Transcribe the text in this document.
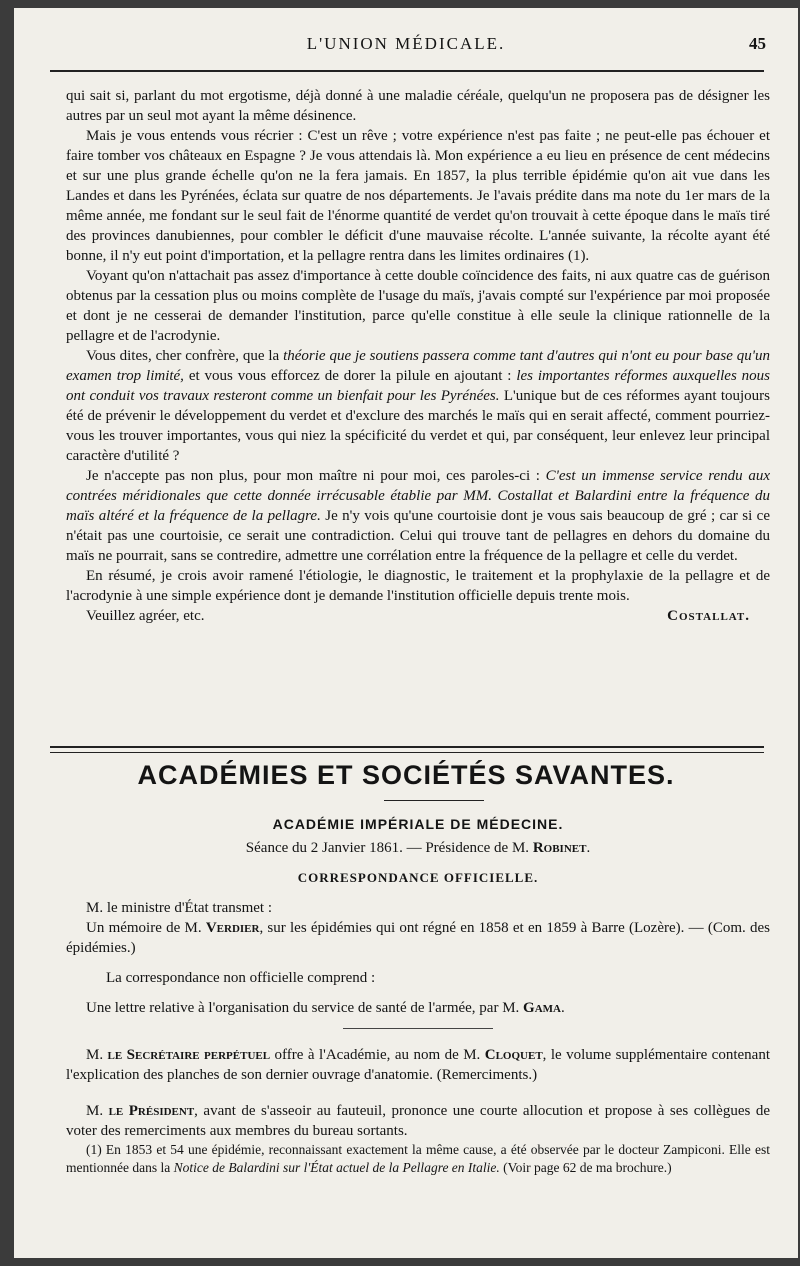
L'UNION MÉDICALE.	45

qui sait si, parlant du mot ergotisme, déjà donné à une maladie céréale, quelqu'un ne proposera pas de désigner les autres par un seul mot ayant la même désinence.

Mais je vous entends vous récrier : C'est un rêve ; votre expérience n'est pas faite ; ne peut-elle pas échouer et faire tomber vos châteaux en Espagne ? Je vous attendais là. Mon expérience a eu lieu en présence de cent médecins et sur une plus grande échelle qu'on ne la fera jamais. En 1857, la plus terrible épidémie qu'on ait vue dans les Landes et dans les Pyrénées, éclata sur quatre de nos départements. Je l'avais prédite dans ma note du 1er mars de la même année, me fondant sur le seul fait de l'énorme quantité de verdet qu'on trouvait à cette époque dans le maïs tiré des provinces danubiennes, pour combler le déficit d'une mauvaise récolte. L'année suivante, la récolte ayant été bonne, il n'y eut point d'importation, et la pellagre rentra dans les limites ordinaires (1).

Voyant qu'on n'attachait pas assez d'importance à cette double coïncidence des faits, ni aux quatre cas de guérison obtenus par la cessation plus ou moins complète de l'usage du maïs, j'avais compté sur l'expérience par moi proposée et dont je ne cesserai de demander l'institution, parce qu'elle constitue à elle seule la clinique rationnelle de la pellagre et de l'acrodynie.

Vous dites, cher confrère, que la théorie que je soutiens passera comme tant d'autres qui n'ont eu pour base qu'un examen trop limité, et vous vous efforcez de dorer la pilule en ajoutant : les importantes réformes auxquelles nous ont conduit vos travaux resteront comme un bienfait pour les Pyrénées. L'unique but de ces réformes ayant toujours été de prévenir le développement du verdet et d'exclure des marchés le maïs qui en serait affecté, comment pourriez-vous les trouver importantes, vous qui niez la spécificité du verdet et qui, par conséquent, leur enlevez leur principal caractère d'utilité ?

Je n'accepte pas non plus, pour mon maître ni pour moi, ces paroles-ci : C'est un immense service rendu aux contrées méridionales que cette donnée irrécusable établie par MM. Costallat et Balardini entre la fréquence du maïs altéré et la fréquence de la pellagre. Je n'y vois qu'une courtoisie dont je vous sais beaucoup de gré ; car si ce n'était pas une courtoisie, ce serait une contradiction. Celui qui trouve tant de pellagres en dehors du domaine du maïs ne pourrait, sans se contredire, admettre une corrélation entre la fréquence de la pellagre et celle du verdet.

En résumé, je crois avoir ramené l'étiologie, le diagnostic, le traitement et la prophylaxie de la pellagre et de l'acrodynie à une simple expérience dont je demande l'institution officielle depuis trente mois.

Veuillez agréer, etc.	Costallat.

ACADÉMIES ET SOCIÉTÉS SAVANTES.
ACADÉMIE IMPÉRIALE DE MÉDECINE.
Séance du 2 Janvier 1861. — Présidence de M. Robinet.
CORRESPONDANCE OFFICIELLE.

M. le ministre d'État transmet :

Un mémoire de M. Verdier, sur les épidémies qui ont régné en 1858 et en 1859 à Barre (Lozère). — (Com. des épidémies.)

La correspondance non officielle comprend :

Une lettre relative à l'organisation du service de santé de l'armée, par M. Gama.

M. le Secrétaire perpétuel offre à l'Académie, au nom de M. Cloquet, le volume supplémentaire contenant l'explication des planches de son dernier ouvrage d'anatomie. (Remerciments.)

M. le Président, avant de s'asseoir au fauteuil, prononce une courte allocution et propose à ses collègues de voter des remerciments aux membres du bureau sortants.

(1) En 1853 et 54 une épidémie, reconnaissant exactement la même cause, a été observée par le docteur Zampiconi. Elle est mentionnée dans la Notice de Balardini sur l'État actuel de la Pellagre en Italie. (Voir page 62 de ma brochure.)
